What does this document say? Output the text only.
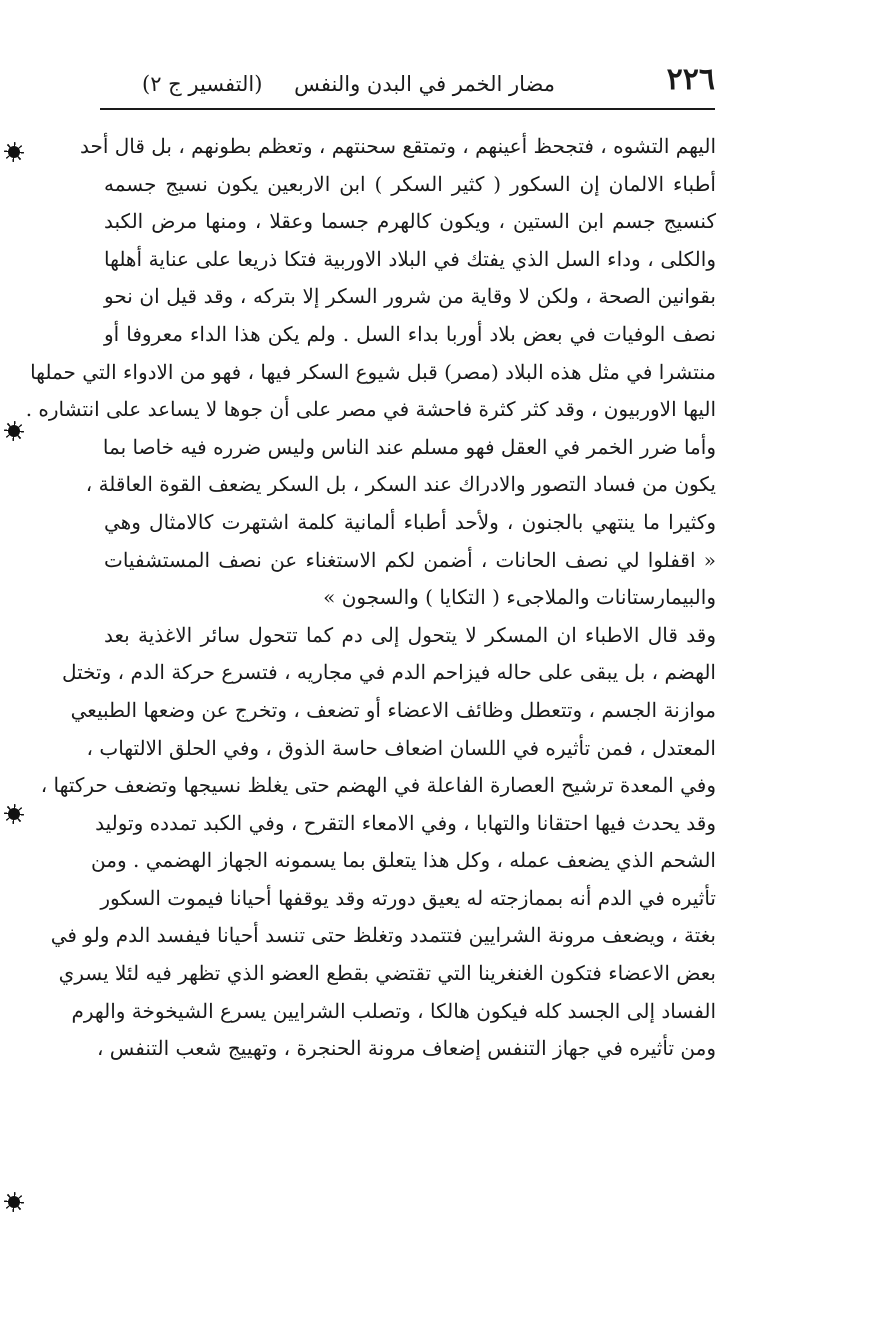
٢٢٦
مضار الخمر في البدن والنفس
(التفسير ج ٢)
اليهم التشوه ، فتجحظ أعينهم ، وتمتقع سحنتهم ، وتعظم بطونهم ، بل قال أحد
أطباء الالمان إن السكور ( كثير السكر ) ابن الاربعين يكون نسيج جسمه
كنسيج جسم ابن الستين ، ويكون كالهرم جسما وعقلا ، ومنها مرض الكبد
والكلى ، وداء السل الذي يفتك في البلاد الاوربية فتكا ذريعا على عناية أهلها
بقوانين الصحة ، ولكن لا وقاية من شرور السكر إلا بتركه ، وقد قيل ان نحو
نصف الوفيات في بعض بلاد أوربا بداء السل . ولم يكن هذا الداء معروفا أو
منتشرا في مثل هذه البلاد (مصر) قبل شيوع السكر فيها ، فهو من الادواء التي حملها
اليها الاوربيون ، وقد كثر كثرة فاحشة في مصر على أن جوها لا يساعد على انتشاره .
وأما ضرر الخمر في العقل فهو مسلم عند الناس وليس ضرره فيه خاصا بما
يكون من فساد التصور والادراك عند السكر ، بل السكر يضعف القوة العاقلة ،
وكثيرا ما ينتهي بالجنون ، ولأحد أطباء ألمانية كلمة اشتهرت كالامثال وهي
« اقفلوا لي نصف الحانات ، أضمن لكم الاستغناء عن نصف المستشفيات
والبيمارستانات والملاجىء ( التكايا ) والسجون »
وقد قال الاطباء ان المسكر لا يتحول إلى دم كما تتحول سائر الاغذية بعد
الهضم ، بل يبقى على حاله فيزاحم الدم في مجاريه ، فتسرع حركة الدم ، وتختل
موازنة الجسم ، وتتعطل وظائف الاعضاء أو تضعف ، وتخرج عن وضعها الطبيعي
المعتدل ، فمن تأثيره في اللسان اضعاف حاسة الذوق ، وفي الحلق الالتهاب ،
وفي المعدة ترشيح العصارة الفاعلة في الهضم حتى يغلظ نسيجها وتضعف حركتها ،
وقد يحدث فيها احتقانا والتهابا ، وفي الامعاء التقرح ، وفي الكبد تمدده وتوليد
الشحم الذي يضعف عمله ، وكل هذا يتعلق بما يسمونه الجهاز الهضمي . ومن
تأثيره في الدم أنه بممازجته له يعيق دورته وقد يوقفها أحيانا فيموت السكور
بغتة ، ويضعف مرونة الشرايين فتتمدد وتغلظ حتى تنسد أحيانا فيفسد الدم ولو في
بعض الاعضاء فتكون الغنغرينا التي تقتضي بقطع العضو الذي تظهر فيه لئلا يسري
الفساد إلى الجسد كله فيكون هالكا ، وتصلب الشرايين يسرع الشيخوخة والهرم
ومن تأثيره في جهاز التنفس إضعاف مرونة الحنجرة ، وتهييج شعب التنفس ،
